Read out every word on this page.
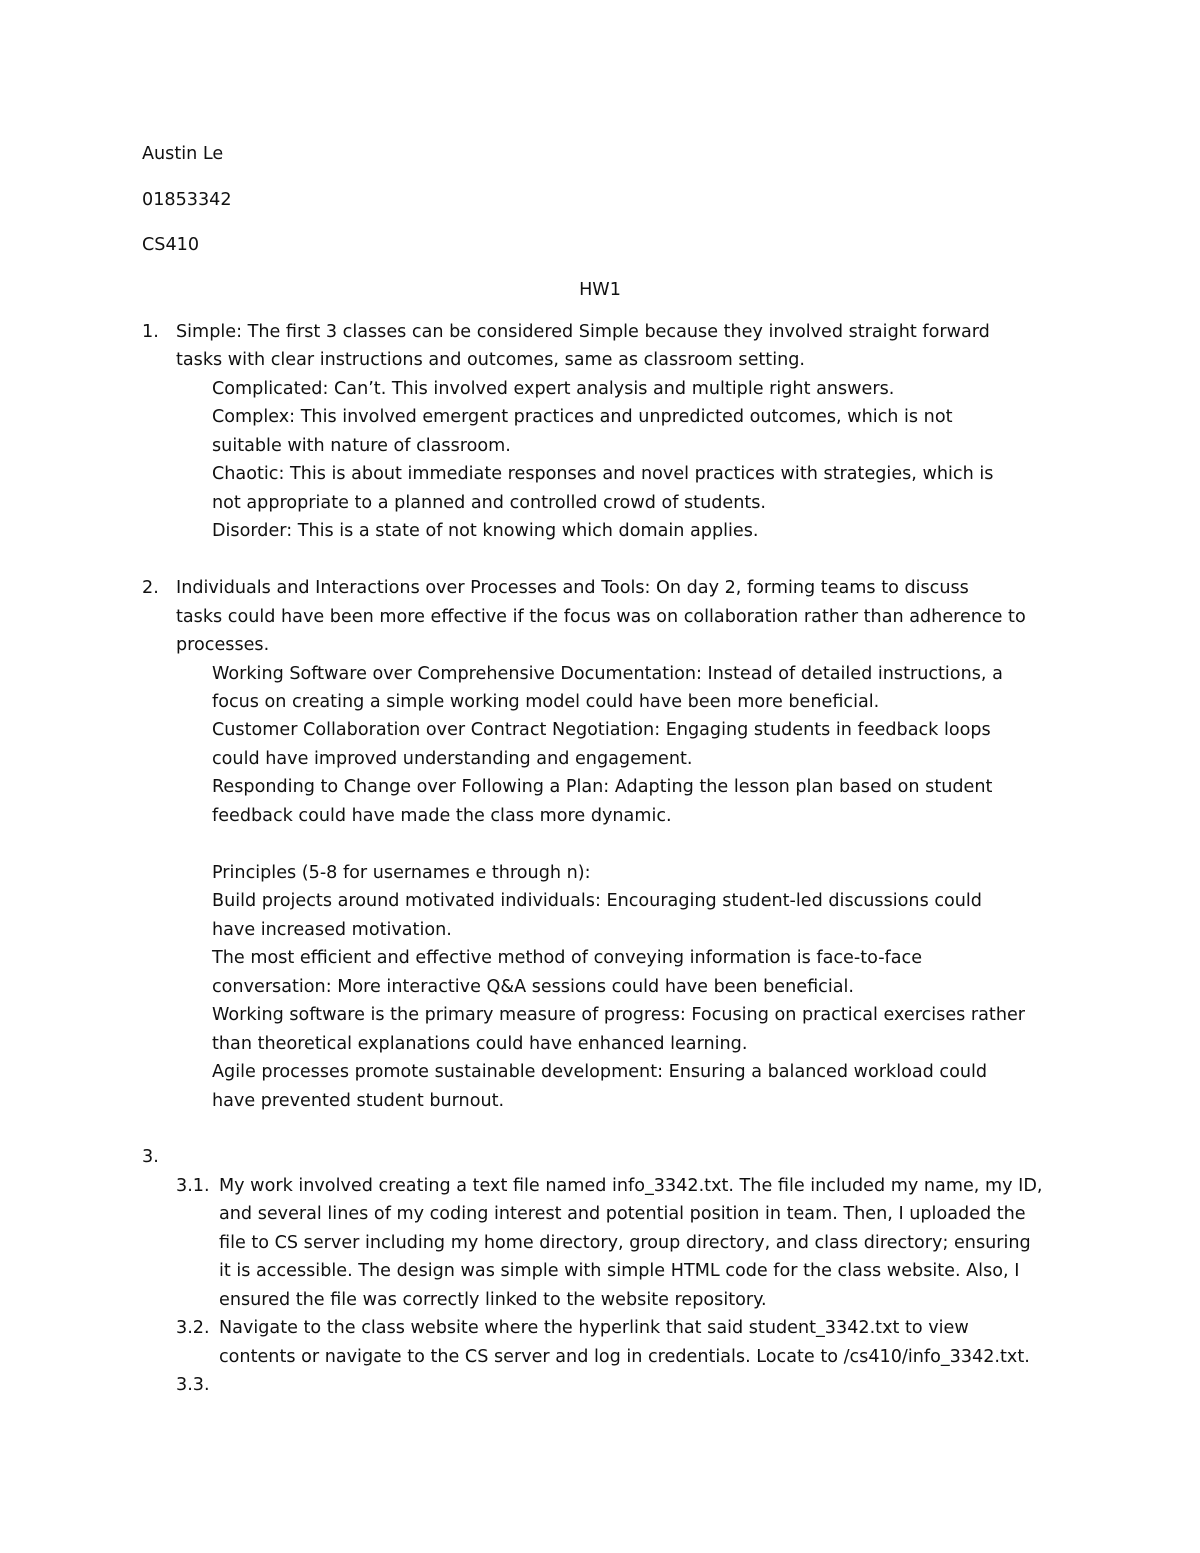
Austin Le
01853342
CS410
HW1
1. Simple: The first 3 classes can be considered Simple because they involved straight forward
tasks with clear instructions and outcomes, same as classroom setting.
Complicated: Can’t. This involved expert analysis and multiple right answers.
Complex: This involved emergent practices and unpredicted outcomes, which is not
suitable with nature of classroom.
Chaotic: This is about immediate responses and novel practices with strategies, which is
not appropriate to a planned and controlled crowd of students.
Disorder: This is a state of not knowing which domain applies.
2. Individuals and Interactions over Processes and Tools: On day 2, forming teams to discuss
tasks could have been more effective if the focus was on collaboration rather than adherence to
processes.
Working Software over Comprehensive Documentation: Instead of detailed instructions, a
focus on creating a simple working model could have been more beneficial.
Customer Collaboration over Contract Negotiation: Engaging students in feedback loops
could have improved understanding and engagement.
Responding to Change over Following a Plan: Adapting the lesson plan based on student
feedback could have made the class more dynamic.
Principles (5-8 for usernames e through n):
Build projects around motivated individuals: Encouraging student-led discussions could
have increased motivation.
The most efficient and effective method of conveying information is face-to-face
conversation: More interactive Q&A sessions could have been beneficial.
Working software is the primary measure of progress: Focusing on practical exercises rather
than theoretical explanations could have enhanced learning.
Agile processes promote sustainable development: Ensuring a balanced workload could
have prevented student burnout.
3.
3.1. My work involved creating a text file named info_3342.txt. The file included my name, my ID,
and several lines of my coding interest and potential position in team. Then, I uploaded the
file to CS server including my home directory, group directory, and class directory; ensuring
it is accessible. The design was simple with simple HTML code for the class website. Also, I
ensured the file was correctly linked to the website repository.
3.2. Navigate to the class website where the hyperlink that said student_3342.txt to view
contents or navigate to the CS server and log in credentials. Locate to /cs410/info_3342.txt.
3.3.
